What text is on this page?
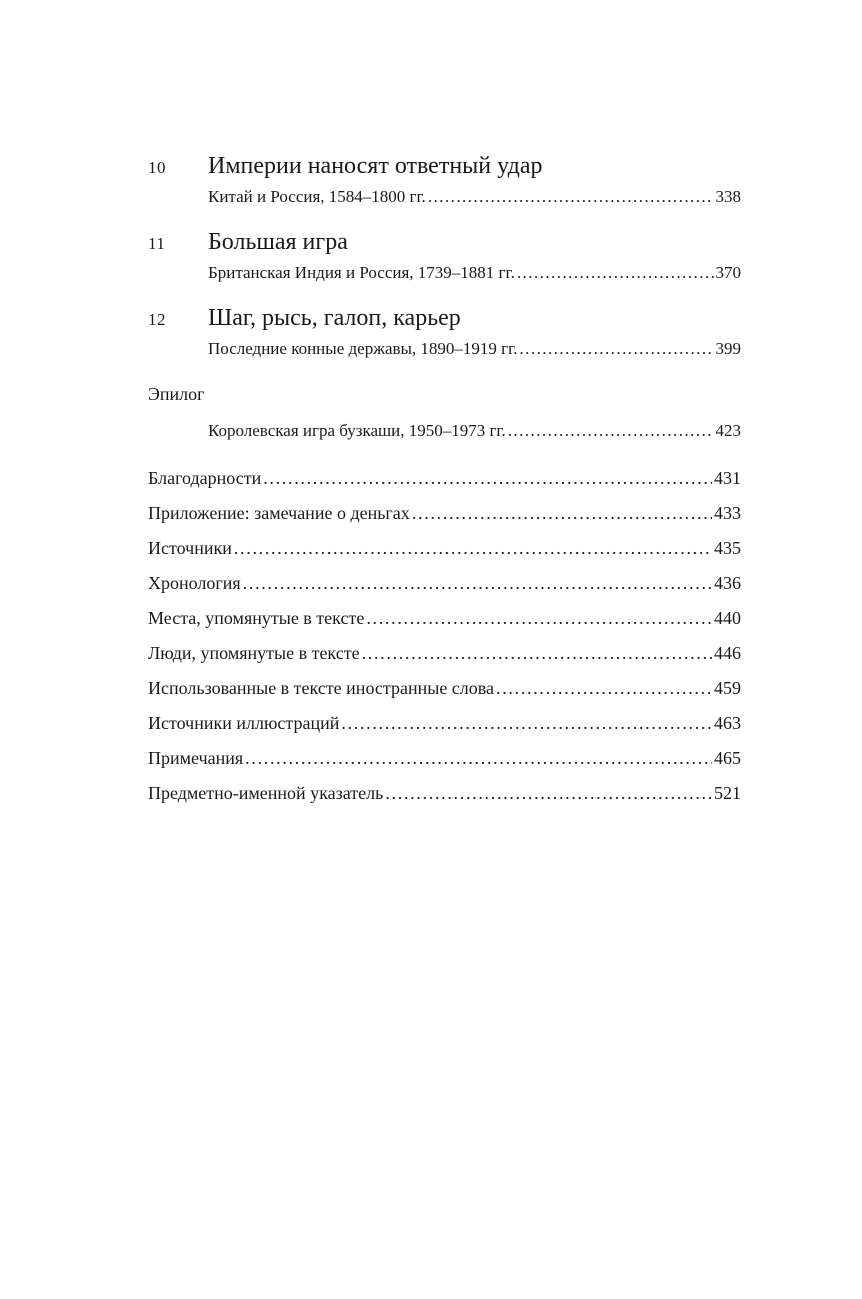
10 Империи наносят ответный удар
Китай и Россия, 1584–1800 гг. . . .	338
11 Большая игра
Британская Индия и Россия, 1739–1881 гг. . . .	370
12 Шаг, рысь, галоп, карьер
Последние конные державы, 1890–1919 гг. . . .	399
Эпилог
Королевская игра бузкаши, 1950–1973 гг. . . .	423
Благодарности . . .	431
Приложение: замечание о деньгах . . .	433
Источники . . .	435
Хронология . . .	436
Места, упомянутые в тексте . . .	440
Люди, упомянутые в тексте . . .	446
Использованные в тексте иностранные слова . . .	459
Источники иллюстраций . . .	463
Примечания . . .	465
Предметно-именной указатель . . .	521
